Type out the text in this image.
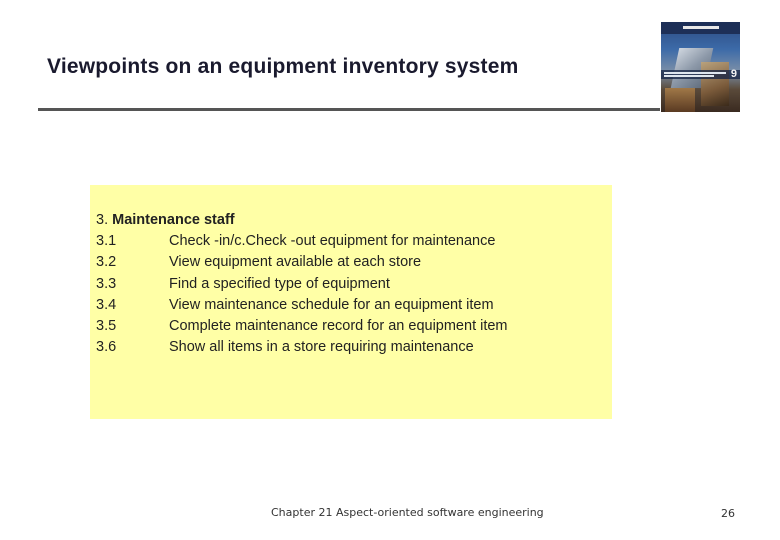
Viewpoints on an equipment inventory system	9
3.
Maintenance staff
3.1	Check -in/c.Check -out equipment for maintenance
3.2	View equipment available at each store
3.3	Find a specified type of equipment
3.4	View maintenance schedule for an equipment item
3.5	Complete maintenance record for an equipment item
3.6	Show all items in a store requiring maintenance
Chapter 21 Aspect-oriented software engineering	26
